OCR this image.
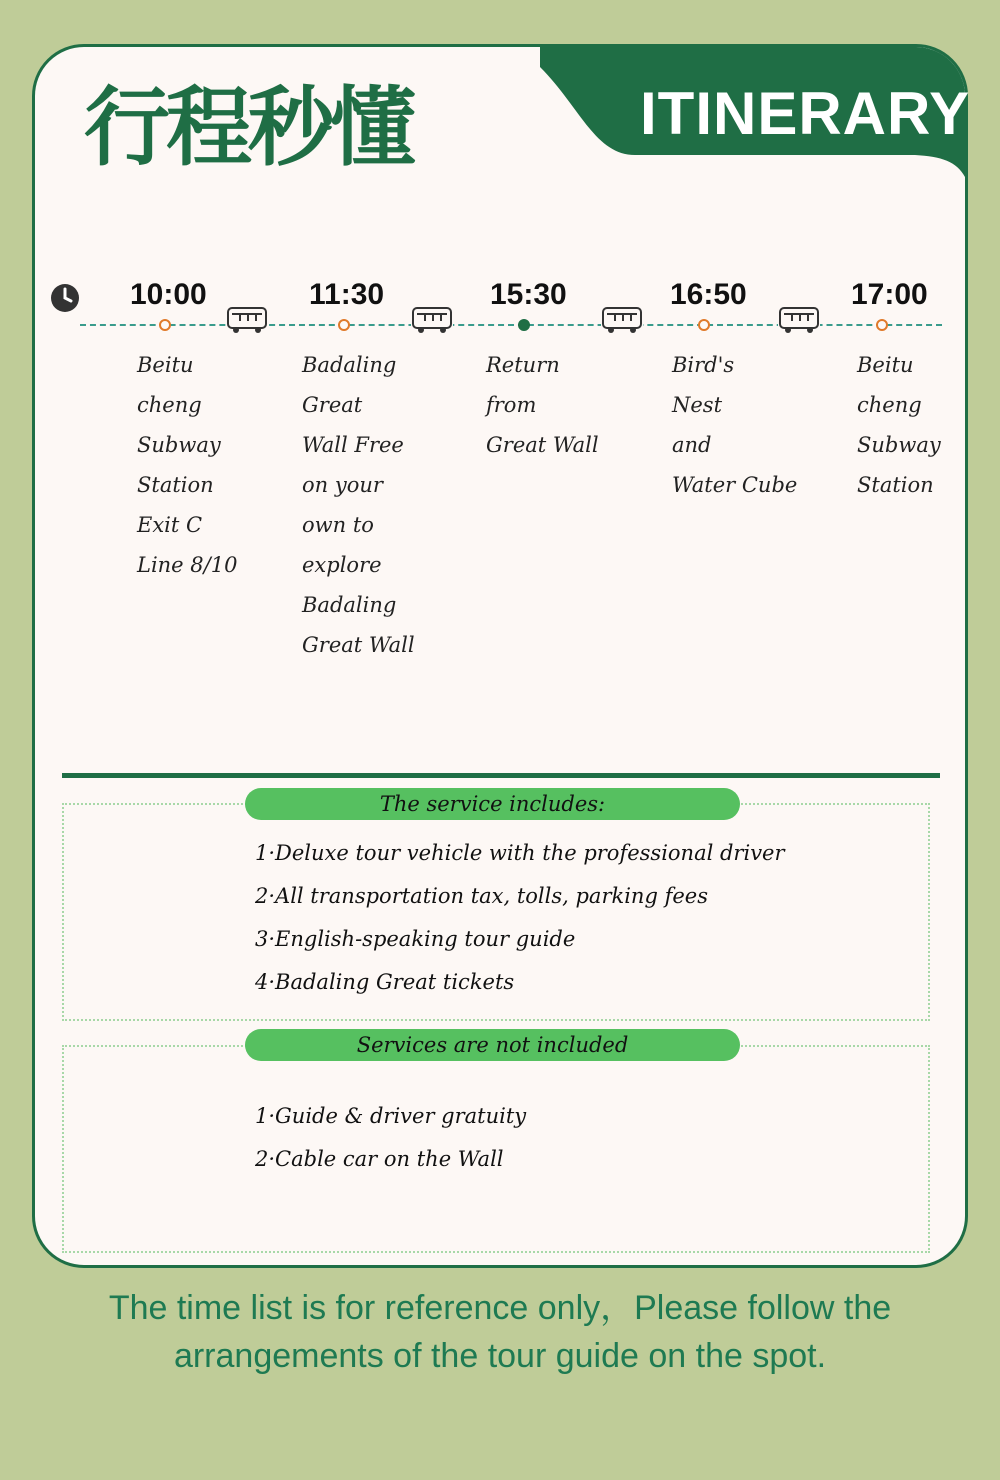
行程秒懂	ITINERARY
10:00
Beitu
cheng
Subway
Station
Exit C
Line 8/10
11:30
Badaling
Great
Wall Free
on your
own to
explore
Badaling
Great Wall
15:30
Return
from
Great Wall
16:50
Bird's
Nest
and
Water Cube
17:00
Beitu
cheng
Subway
Station
The service includes:
1·Deluxe tour vehicle with the professional driver
2·All transportation tax, tolls, parking fees
3·English-speaking tour guide
4·Badaling Great tickets
Services are not included
1·Guide & driver gratuity
2·Cable car on the Wall
The time list is for reference only，Please follow the
arrangements of the tour guide on the spot.
